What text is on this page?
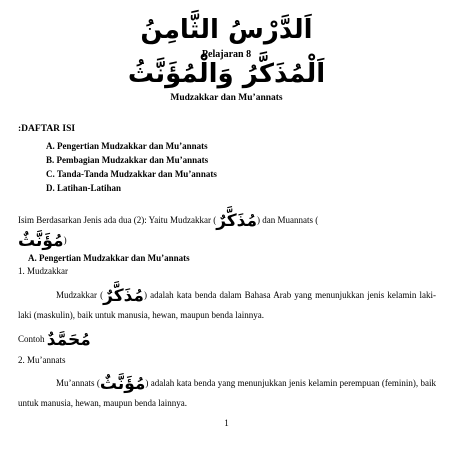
اَلدَّرْسُ الثَّامِنُ
Pelajaran 8
اَلْمُذَكَّرُ وَالْمُؤَنَّثُ
Mudzakkar dan Mu’annats
:DAFTAR ISI
A. Pengertian Mudzakkar dan Mu’annats
B. Pembagian Mudzakkar dan Mu’annats
C. Tanda-Tanda Mudzakkar dan Mu’annats
D. Latihan-Latihan
Isim Berdasarkan Jenis ada dua (2): Yaitu Mudzakkar (مُذَكَّرٌ) dan Muannats (
مُؤَنَّثٌ)
A. Pengertian Mudzakkar dan Mu’annats
1. Mudzakkar
Mudzakkar (مُذَكَّرٌ) adalah kata benda dalam Bahasa Arab yang menunjukkan jenis kelamin laki-laki (maskulin), baik untuk manusia, hewan, maupun benda lainnya.
Contoh مُحَمَّدٌ
2. Mu’annats
Mu’annats (مُؤَنَّثٌ) adalah kata benda yang menunjukkan jenis kelamin perempuan (feminin), baik untuk manusia, hewan, maupun benda lainnya.
1
